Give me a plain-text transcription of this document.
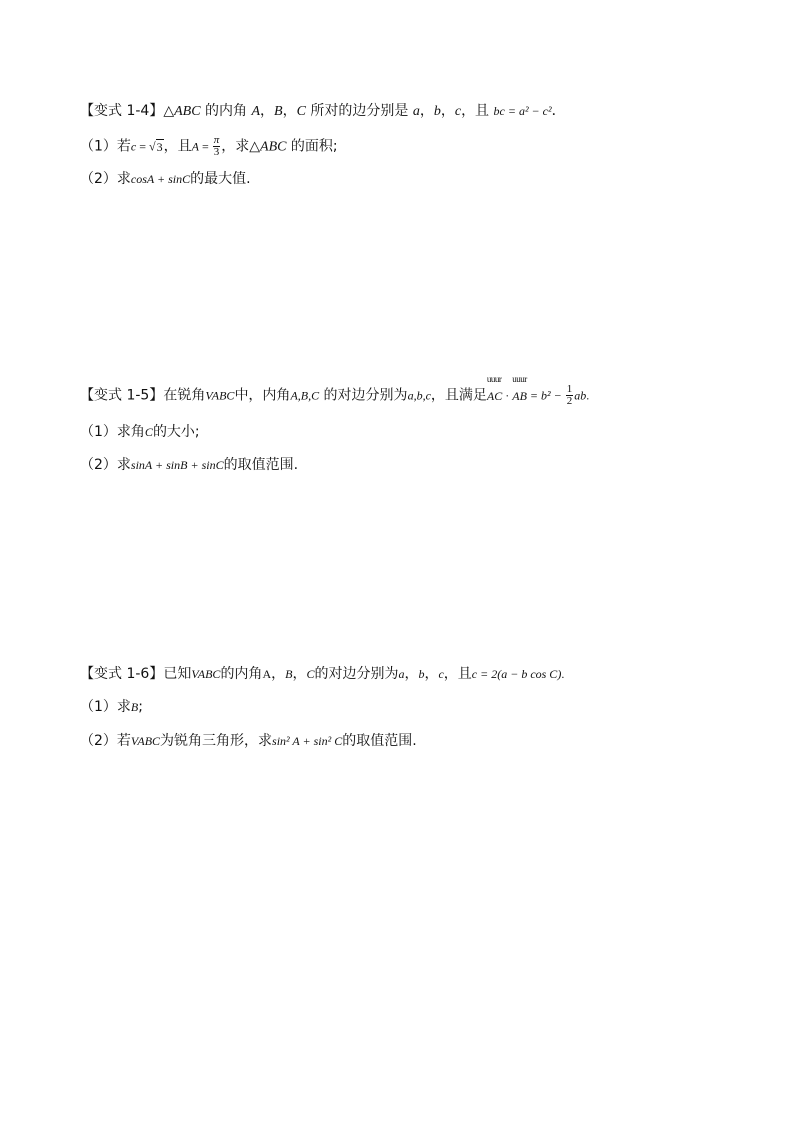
【变式 1-4】△ABC 的内角 A，B，C 所对的边分别是 a，b，c，且 bc = a² − c²．
（1）若c = √3，且$A = \frac{\pi}{3}$ ，求△ABC 的面积;
（2）求cosA + sinC的最大值.
【变式 1-5】在锐角VABC中，内角A,B,C 的对边分别为a,b,c，且满足
uuur
AC ·
uuur
AB = $b^2 - \frac{1}{2}$ ab.
（1）求角C的大小;
（2）求sinA + sinB + sinC的取值范围.
【变式 1-6】已知VABC的内角A，B，C的对边分别为a，b，c，且c = 2(a − b cos C).
（1）求B;
（2）若VABC为锐角三角形，求sin² A + sin² C的取值范围.
